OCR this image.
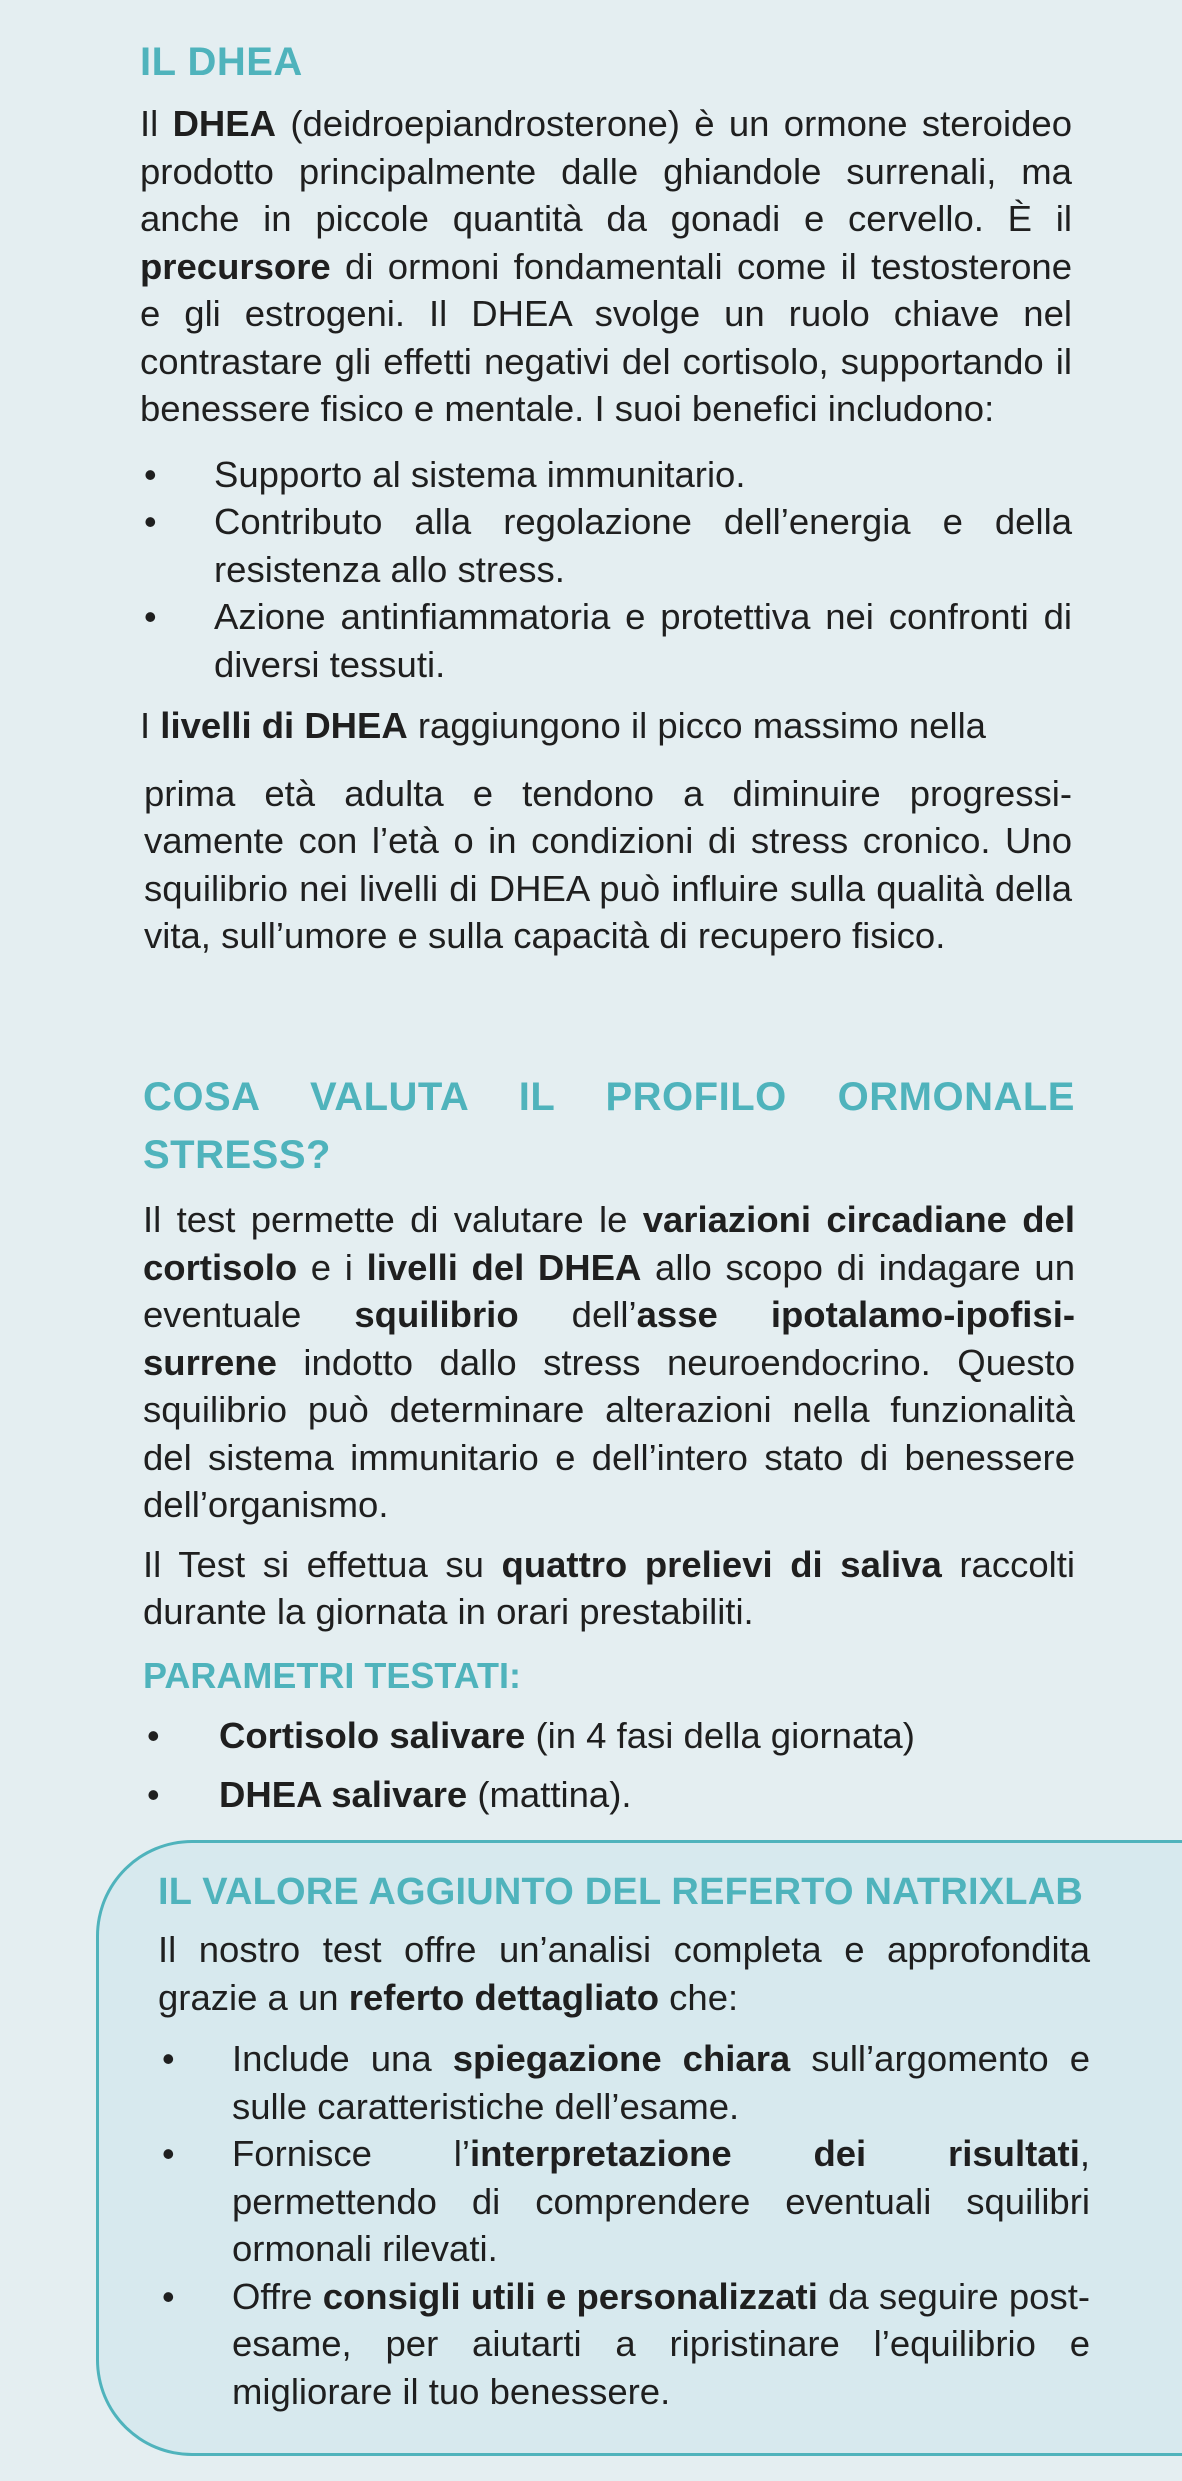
IL DHEA

Il DHEA (deidroepiandrosterone) è un ormone steroideo prodotto principalmente dalle ghiandole surrenali, ma anche in piccole quantità da gonadi e cervello. È il precursore di ormoni fondamentali come il testosterone e gli estrogeni. Il DHEA svolge un ruolo chiave nel contrastare gli effetti negativi del cortisolo, supportando il benessere fisico e mentale. I suoi benefici includono:

• Supporto al sistema immunitario.
• Contributo alla regolazione dell’energia e della resistenza allo stress.
• Azione antinfiammatoria e protettiva nei confronti di diversi tessuti.

I livelli di DHEA raggiungono il picco massimo nella

prima età adulta e tendono a diminuire progressi-vamente con l’età o in condizioni di stress cronico. Uno squilibrio nei livelli di DHEA può influire sulla qualità della vita, sull’umore e sulla capacità di recupero fisico.

COSA VALUTA IL PROFILO ORMONALE STRESS?

Il test permette di valutare le variazioni circadiane del cortisolo e i livelli del DHEA allo scopo di indagare un eventuale squilibrio dell’asse ipotalamo-ipofisi-surrene indotto dallo stress neuroendocrino. Questo squilibrio può determinare alterazioni nella funzionalità del sistema immunitario e dell’intero stato di benessere dell’organismo.

Il Test si effettua su quattro prelievi di saliva raccolti durante la giornata in orari prestabiliti.

PARAMETRI TESTATI:
• Cortisolo salivare (in 4 fasi della giornata)
• DHEA salivare (mattina).
IL VALORE AGGIUNTO DEL REFERTO NATRIXLAB

Il nostro test offre un’analisi completa e approfondita grazie a un referto dettagliato che:

• Include una spiegazione chiara sull’argomento e sulle caratteristiche dell’esame.
• Fornisce l’interpretazione dei risultati, permettendo di comprendere eventuali squilibri ormonali rilevati.
• Offre consigli utili e personalizzati da seguire post-esame, per aiutarti a ripristinare l’equilibrio e migliorare il tuo benessere.
